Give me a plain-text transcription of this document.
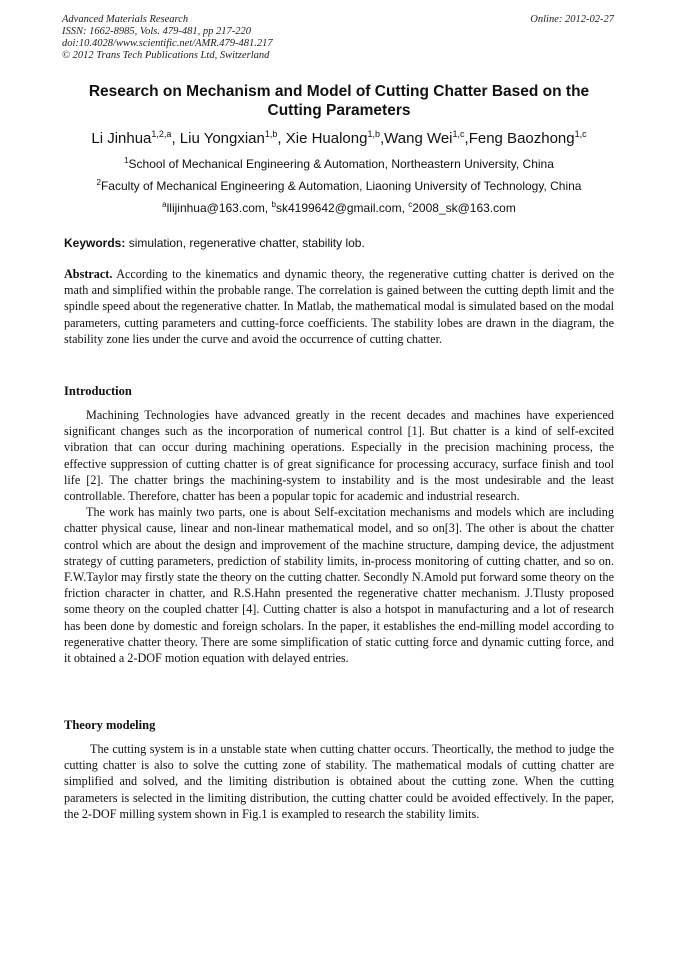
Advanced Materials Research
ISSN: 1662-8985, Vols. 479-481, pp 217-220
doi:10.4028/www.scientific.net/AMR.479-481.217
© 2012 Trans Tech Publications Ltd, Switzerland
Online: 2012-02-27
Research on Mechanism and Model of Cutting Chatter Based on the Cutting Parameters
Li Jinhua$^{1,2,a}$, Liu Yongxian$^{1,b}$, Xie Hualong$^{1,b}$,Wang Wei$^{1,c}$,Feng Baozhong$^{1,c}$
$^1$School of Mechanical Engineering & Automation, Northeastern University, China
$^2$Faculty of Mechanical Engineering & Automation, Liaoning University of Technology, China
$^a$llijinhua@163.com, $^b$sk4199642@gmail.com, $^c$2008_sk@163.com
Keywords: simulation, regenerative chatter, stability lob.

Abstract. According to the kinematics and dynamic theory, the regenerative cutting chatter is derived on the math and simplified within the probable range. The correlation is gained between the cutting depth limit and the spindle speed about the regenerative chatter. In Matlab, the mathematical modal is simulated based on the modal parameters, cutting parameters and cutting-force coefficients. The stability lobes are drawn in the diagram, the stability zone lies under the curve and avoid the occurrence of cutting chatter.

Introduction

Machining Technologies have advanced greatly in the recent decades and machines have experienced significant changes such as the incorporation of numerical control [1]. But chatter is a kind of self-excited vibration that can occur during machining operations. Especially in the precision machining process, the effective suppression of cutting chatter is of great significance for processing accuracy, surface finish and tool life [2]. The chatter brings the machining-system to instability and is the most undesirable and the least controllable. Therefore, chatter has been a popular topic for academic and industrial research.

The work has mainly two parts, one is about Self-excitation mechanisms and models which are including chatter physical cause, linear and non-linear mathematical model, and so on[3]. The other is about the chatter control which are about the design and improvement of the machine structure, damping device, the adjustment strategy of cutting parameters, prediction of stability limits, in-process monitoring of cutting chatter, and so on. F.W.Taylor may firstly state the theory on the cutting chatter. Secondly N.Amold put forward some theory on the friction character in chatter, and R.S.Hahn presented the regenerative chatter mechanism. J.Tlusty proposed some theory on the coupled chatter [4]. Cutting chatter is also a hotspot in manufacturing and a lot of research has been done by domestic and foreign scholars. In the paper, it establishes the end-milling model according to regenerative chatter theory. There are some simplification of static cutting force and dynamic cutting force, and it obtained a 2-DOF motion equation with delayed entries.

Theory modeling

The cutting system is in a unstable state when cutting chatter occurs. Theortically, the method to judge the cutting chatter is also to solve the cutting zone of stability. The mathematical modals of cutting chatter are simplified and solved, and the limiting distribution is obtained about the cutting zone. When the cutting parameters is selected in the limiting distribution, the cutting chatter could be avoided effectively. In the paper, the 2-DOF milling system shown in Fig.1 is exampled to research the stability limits.
